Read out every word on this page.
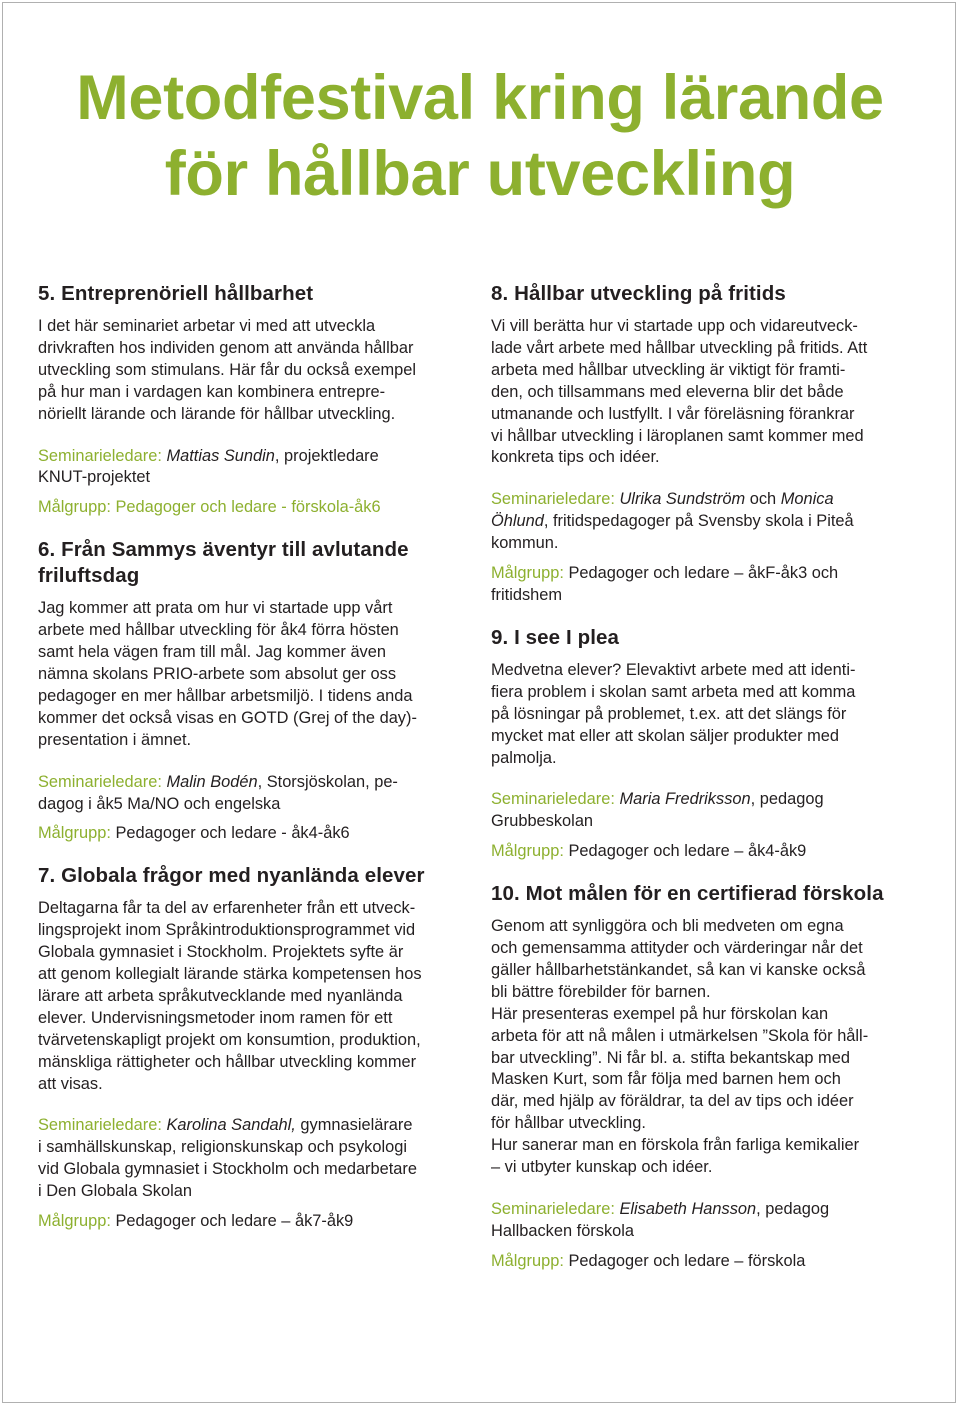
Metodfestival kring lärande
för hållbar utveckling
5. Entreprenöriell hållbarhet

I det här seminariet arbetar vi med att utveckla
drivkraften hos individen genom att använda hållbar
utveckling som stimulans. Här får du också exempel
på hur man i vardagen kan kombinera entrepre-
nöriellt lärande och lärande för hållbar utveckling.

Seminarieledare: Mattias Sundin, projektledare
KNUT-projektet

Målgrupp: Pedagoger och ledare - förskola-åk6

6. Från Sammys äventyr till avlutande
friluftsdag

Jag kommer att prata om hur vi startade upp vårt
arbete med hållbar utveckling för åk4 förra hösten
samt hela vägen fram till mål. Jag kommer även
nämna skolans PRIO-arbete som absolut ger oss
pedagoger en mer hållbar arbetsmiljö. I tidens anda
kommer det också visas en GOTD (Grej of the day)-
presentation i ämnet.

Seminarieledare: Malin Bodén, Storsjöskolan, pe-
dagog i åk5 Ma/NO och engelska

Målgrupp: Pedagoger och ledare - åk4-åk6

7. Globala frågor med nyanlända elever

Deltagarna får ta del av erfarenheter från ett utveck-
lingsprojekt inom Språkintroduktionsprogrammet vid
Globala gymnasiet i Stockholm. Projektets syfte är
att genom kollegialt lärande stärka kompetensen hos
lärare att arbeta språkutvecklande med nyanlända
elever. Undervisningsmetoder inom ramen för ett
tvärvetenskapligt projekt om konsumtion, produktion,
mänskliga rättigheter och hållbar utveckling kommer
att visas.

Seminarieledare: Karolina Sandahl, gymnasielärare
i samhällskunskap, religionskunskap och psykologi
vid Globala gymnasiet i Stockholm och medarbetare
i Den Globala Skolan

Målgrupp: Pedagoger och ledare – åk7-åk9

8. Hållbar utveckling på fritids

Vi vill berätta hur vi startade upp och vidareutveck-
lade vårt arbete med hållbar utveckling på fritids. Att
arbeta med hållbar utveckling är viktigt för framti-
den, och tillsammans med eleverna blir det både
utmanande och lustfyllt. I vår föreläsning förankrar
vi hållbar utveckling i läroplanen samt kommer med
konkreta tips och idéer.

Seminarieledare: Ulrika Sundström och Monica
Öhlund, fritidspedagoger på Svensby skola i Piteå
kommun.

Målgrupp: Pedagoger och ledare – åkF-åk3 och
fritidshem

9. I see I plea

Medvetna elever? Elevaktivt arbete med att identi-
fiera problem i skolan samt arbeta med att komma
på lösningar på problemet, t.ex. att det slängs för
mycket mat eller att skolan säljer produkter med
palmolja.

Seminarieledare: Maria Fredriksson, pedagog
Grubbeskolan

Målgrupp: Pedagoger och ledare – åk4-åk9

10. Mot målen för en certifierad förskola

Genom att synliggöra och bli medveten om egna
och gemensamma attityder och värderingar når det
gäller hållbarhetstänkandet, så kan vi kanske också
bli bättre förebilder för barnen.
Här presenteras exempel på hur förskolan kan
arbeta för att nå målen i utmärkelsen ”Skola för håll-
bar utveckling”. Ni får bl. a. stifta bekantskap med
Masken Kurt, som får följa med barnen hem och
där, med hjälp av föräldrar, ta del av tips och idéer
för hållbar utveckling.
Hur sanerar man en förskola från farliga kemikalier
– vi utbyter kunskap och idéer.

Seminarieledare: Elisabeth Hansson, pedagog
Hallbacken förskola

Målgrupp: Pedagoger och ledare – förskola
